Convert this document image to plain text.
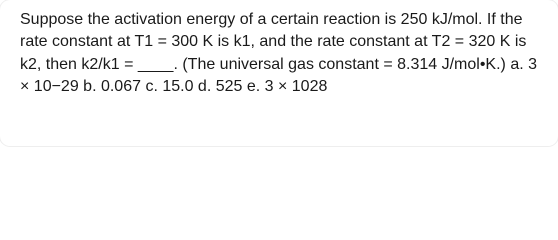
Suppose the activation energy of a certain reaction is 250 kJ/mol. If the rate constant at T1 = 300 K is k1, and the rate constant at T2 = 320 K is k2, then k2/k1 = ____. (The universal gas constant = 8.314 J/mol•K.) a. 3 × 10−29 b. 0.067 c. 15.0 d. 525 e. 3 × 1028
